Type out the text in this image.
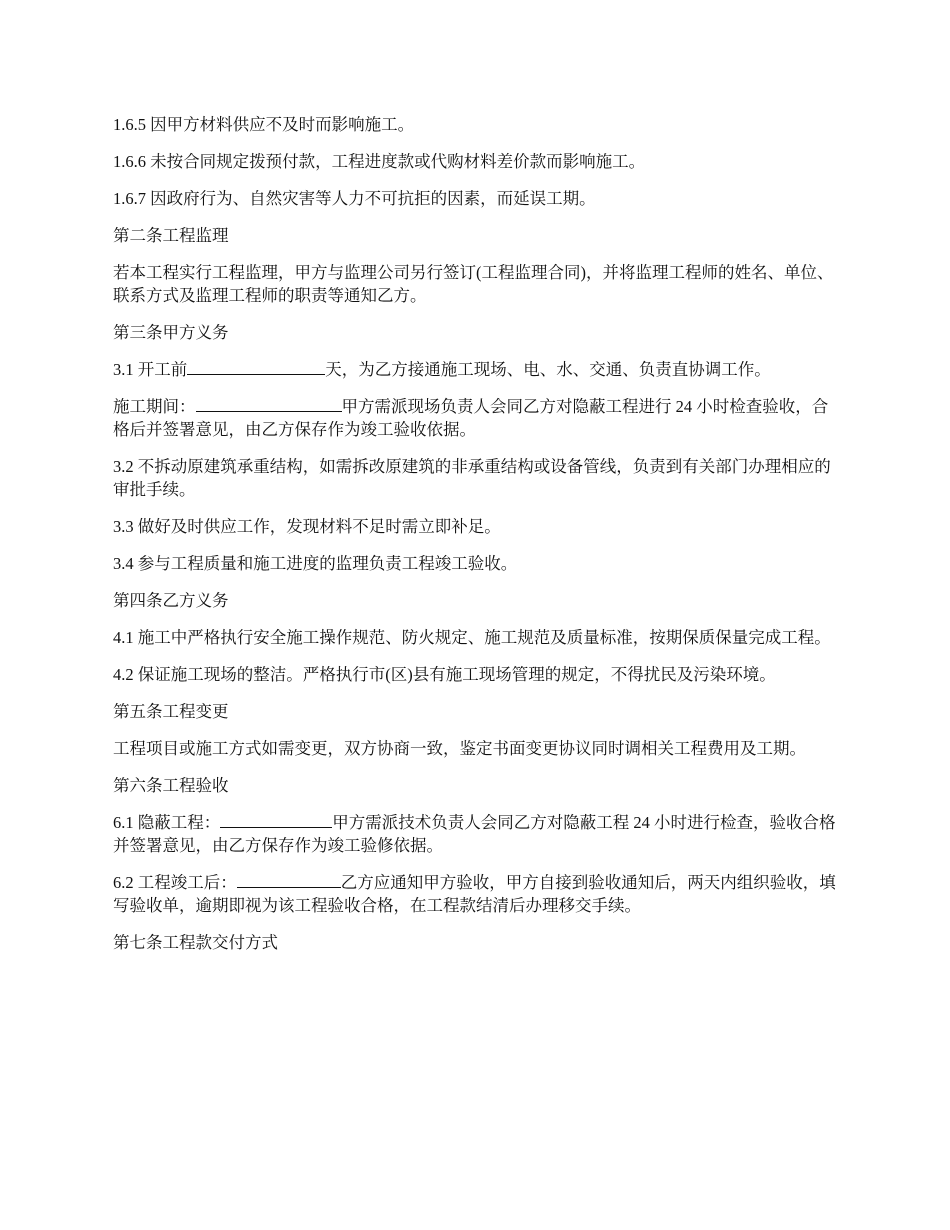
1.6.5 因甲方材料供应不及时而影响施工。

1.6.6 未按合同规定拨预付款，工程进度款或代购材料差价款而影响施工。

1.6.7 因政府行为、自然灾害等人力不可抗拒的因素，而延误工期。

第二条工程监理

若本工程实行工程监理，甲方与监理公司另行签订(工程监理合同)，并将监理工程师的姓名、单位、联系方式及监理工程师的职责等通知乙方。

第三条甲方义务

3.1 开工前	天，为乙方接通施工现场、电、水、交通、负责直协调工作。

施工期间：	甲方需派现场负责人会同乙方对隐蔽工程进行 24 小时检查验收，合格后并签署意见，由乙方保存作为竣工验收依据。

3.2 不拆动原建筑承重结构，如需拆改原建筑的非承重结构或设备管线，负责到有关部门办理相应的审批手续。

3.3 做好及时供应工作，发现材料不足时需立即补足。

3.4 参与工程质量和施工进度的监理负责工程竣工验收。

第四条乙方义务

4.1 施工中严格执行安全施工操作规范、防火规定、施工规范及质量标准，按期保质保量完成工程。

4.2 保证施工现场的整洁。严格执行市(区)县有施工现场管理的规定，不得扰民及污染环境。

第五条工程变更

工程项目或施工方式如需变更，双方协商一致，鉴定书面变更协议同时调相关工程费用及工期。

第六条工程验收

6.1 隐蔽工程：	甲方需派技术负责人会同乙方对隐蔽工程 24 小时进行检查，验收合格并签署意见，由乙方保存作为竣工验修依据。

6.2 工程竣工后：	乙方应通知甲方验收，甲方自接到验收通知后，两天内组织验收，填写验收单，逾期即视为该工程验收合格，在工程款结清后办理移交手续。

第七条工程款交付方式
